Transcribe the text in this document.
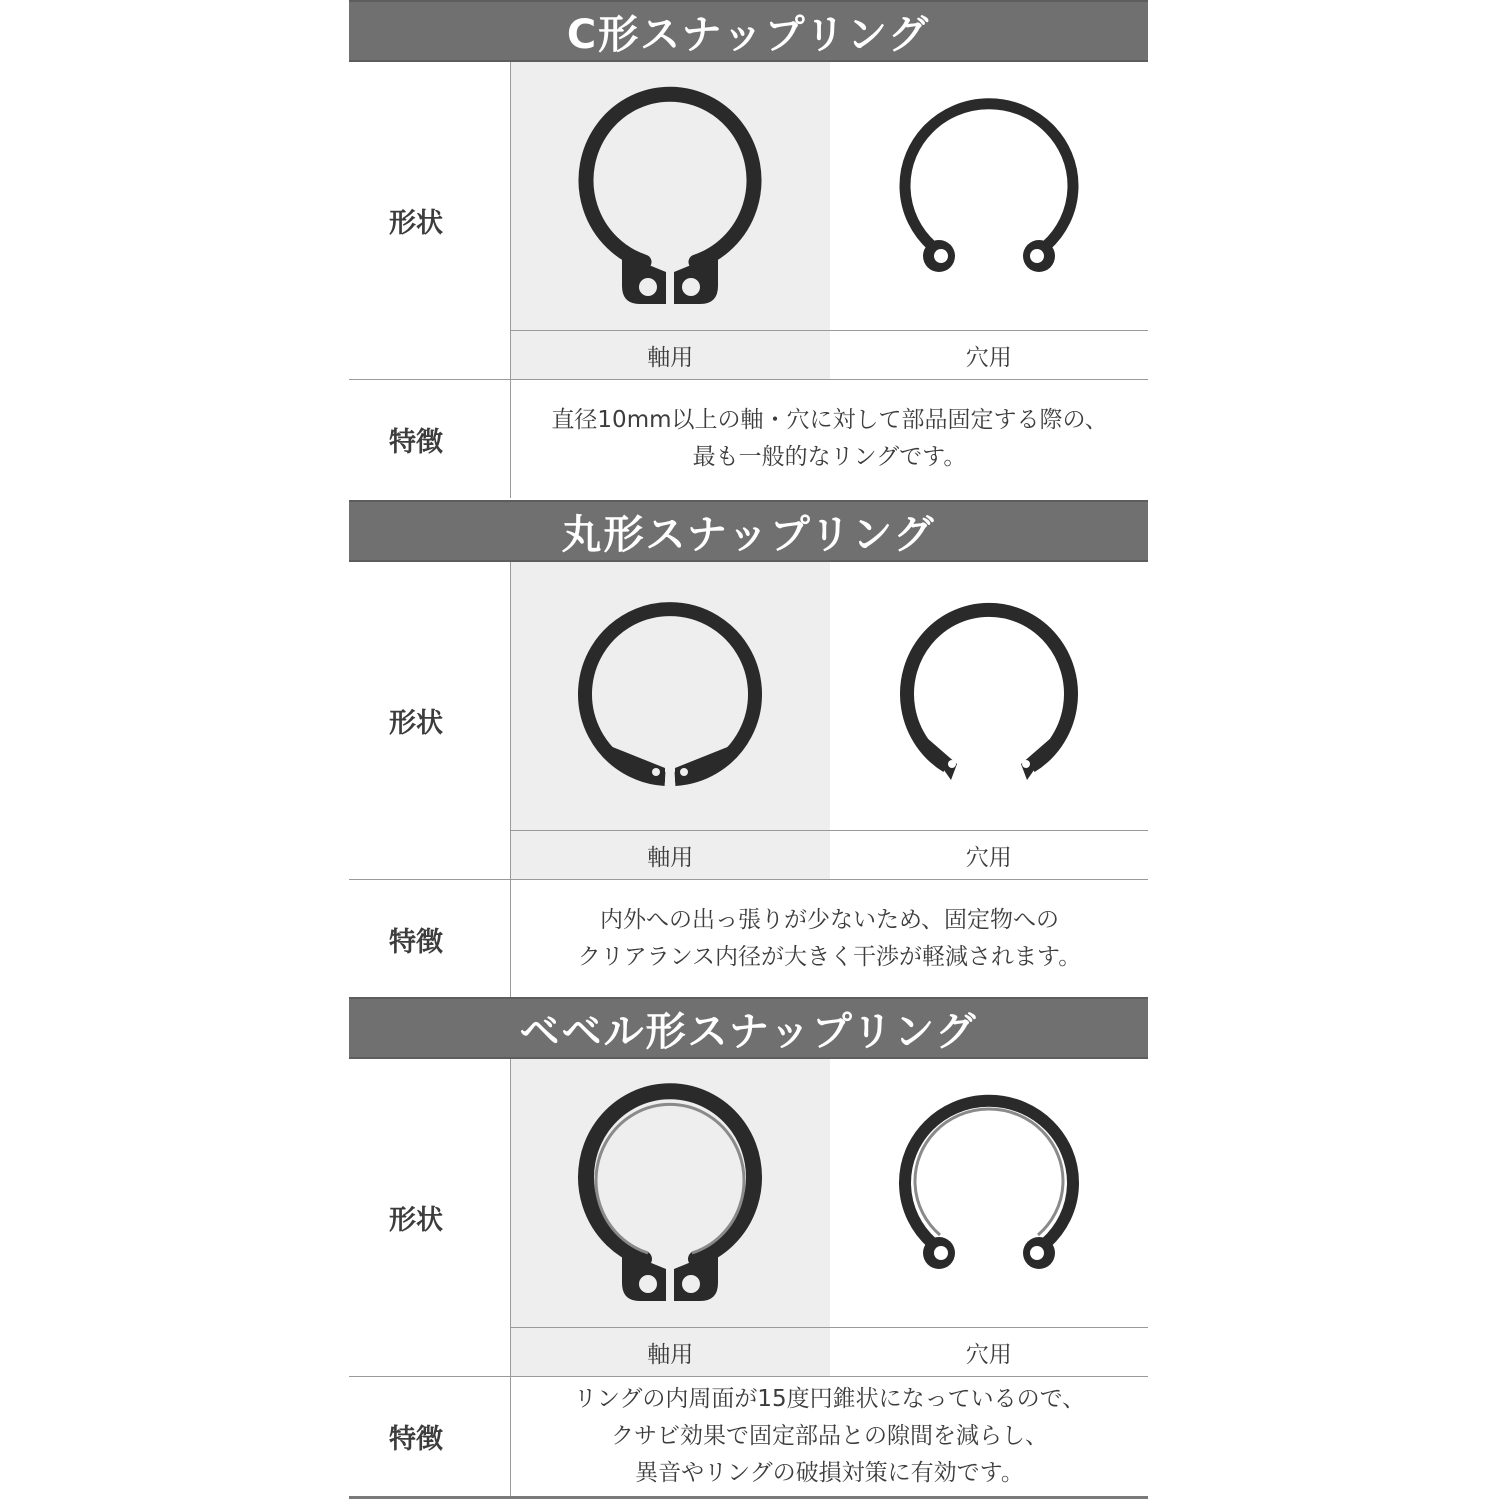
C形スナップリング
形状
軸用	穴用
特徴
直径10mm以上の軸・穴に対して部品固定する際の、
最も一般的なリングです。
丸形スナップリング
形状
軸用	穴用
特徴
内外への出っ張りが少ないため、固定物への
クリアランス内径が大きく干渉が軽減されます。
ベベル形スナップリング
形状
軸用	穴用
特徴
リングの内周面が15度円錐状になっているので、
クサビ効果で固定部品との隙間を減らし、
異音やリングの破損対策に有効です。
